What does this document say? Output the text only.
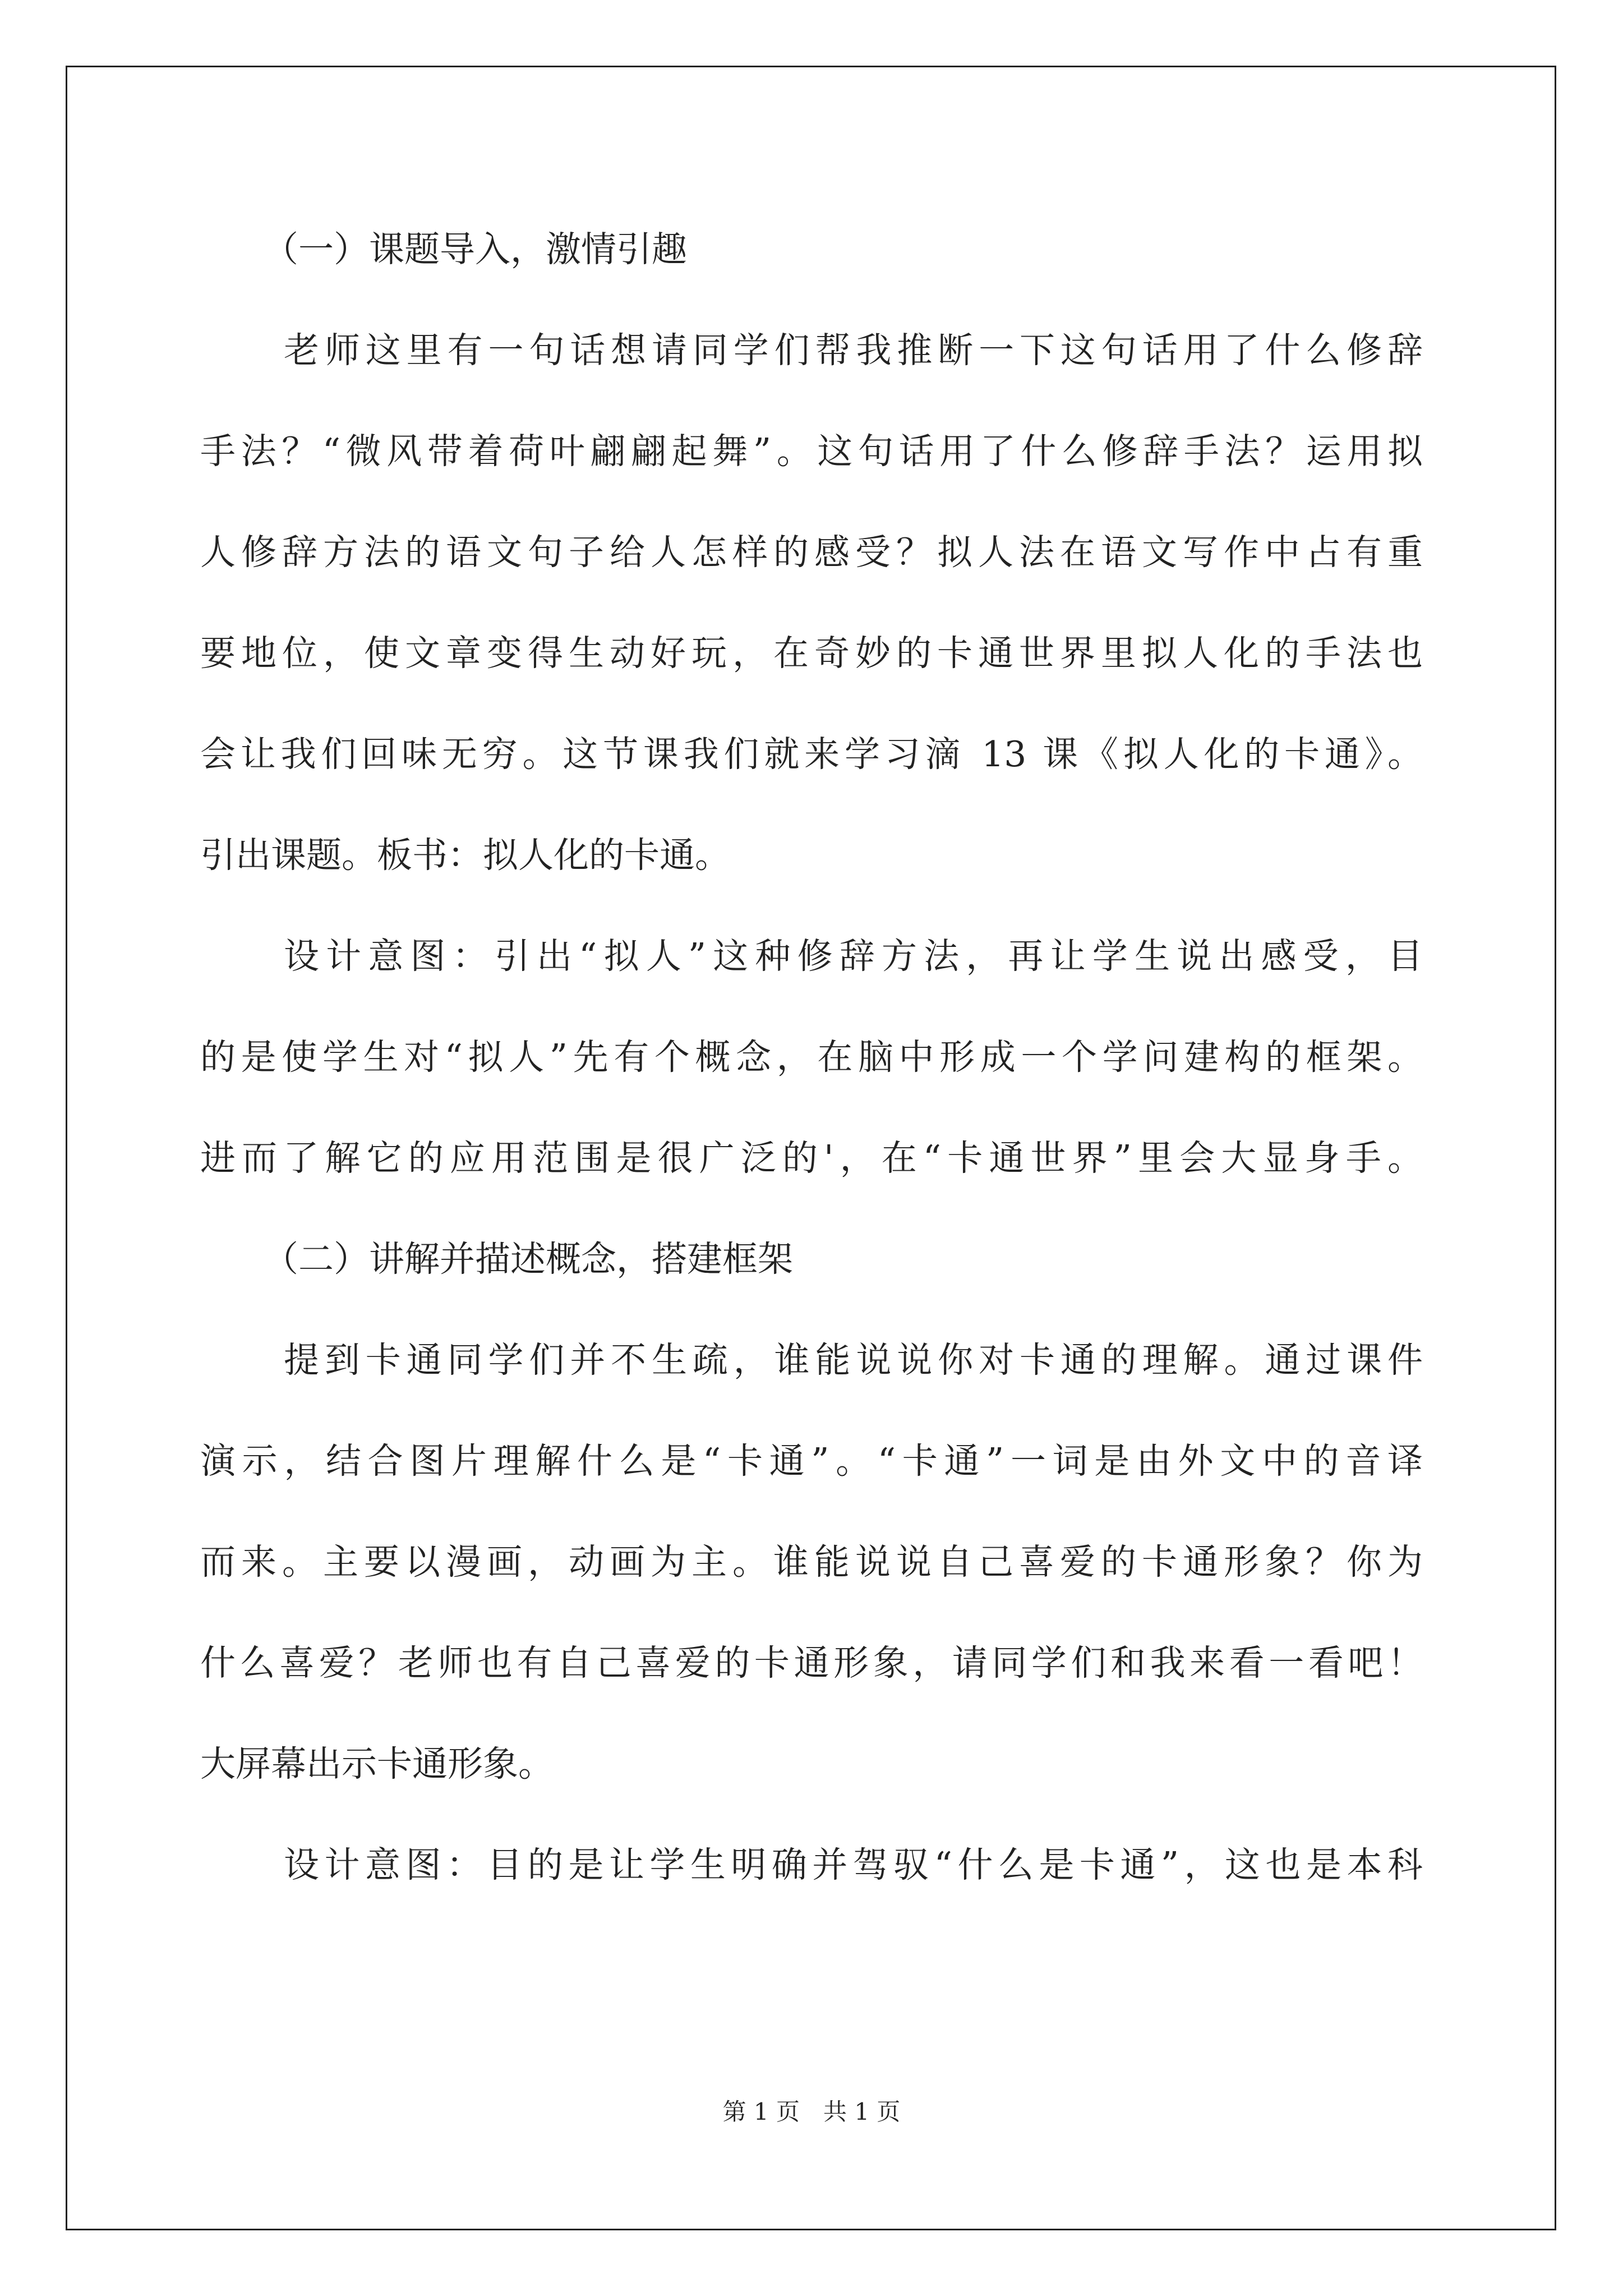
（一）课题导入，激情引趣
老师这里有一句话想请同学们帮我推断一下这句话用了什么修辞
手法？“微风带着荷叶翩翩起舞”。这句话用了什么修辞手法？运用拟
人修辞方法的语文句子给人怎样的感受？拟人法在语文写作中占有重
要地位，使文章变得生动好玩，在奇妙的卡通世界里拟人化的手法也
会让我们回味无穷。这节课我们就来学习滴 13 课《拟人化的卡通》。
引出课题。板书：拟人化的卡通。
设计意图：引出“拟人”这种修辞方法，再让学生说出感受，目
的是使学生对“拟人”先有个概念，在脑中形成一个学问建构的框架。
进而了解它的应用范围是很广泛的'，在“卡通世界”里会大显身手。
（二）讲解并描述概念，搭建框架
提到卡通同学们并不生疏，谁能说说你对卡通的理解。通过课件
演示，结合图片理解什么是“卡通”。“卡通”一词是由外文中的音译
而来。主要以漫画，动画为主。谁能说说自己喜爱的卡通形象？你为
什么喜爱？老师也有自己喜爱的卡通形象，请同学们和我来看一看吧！
大屏幕出示卡通形象。
设计意图：目的是让学生明确并驾驭“什么是卡通”，这也是本科
第 1 页　共 1 页
